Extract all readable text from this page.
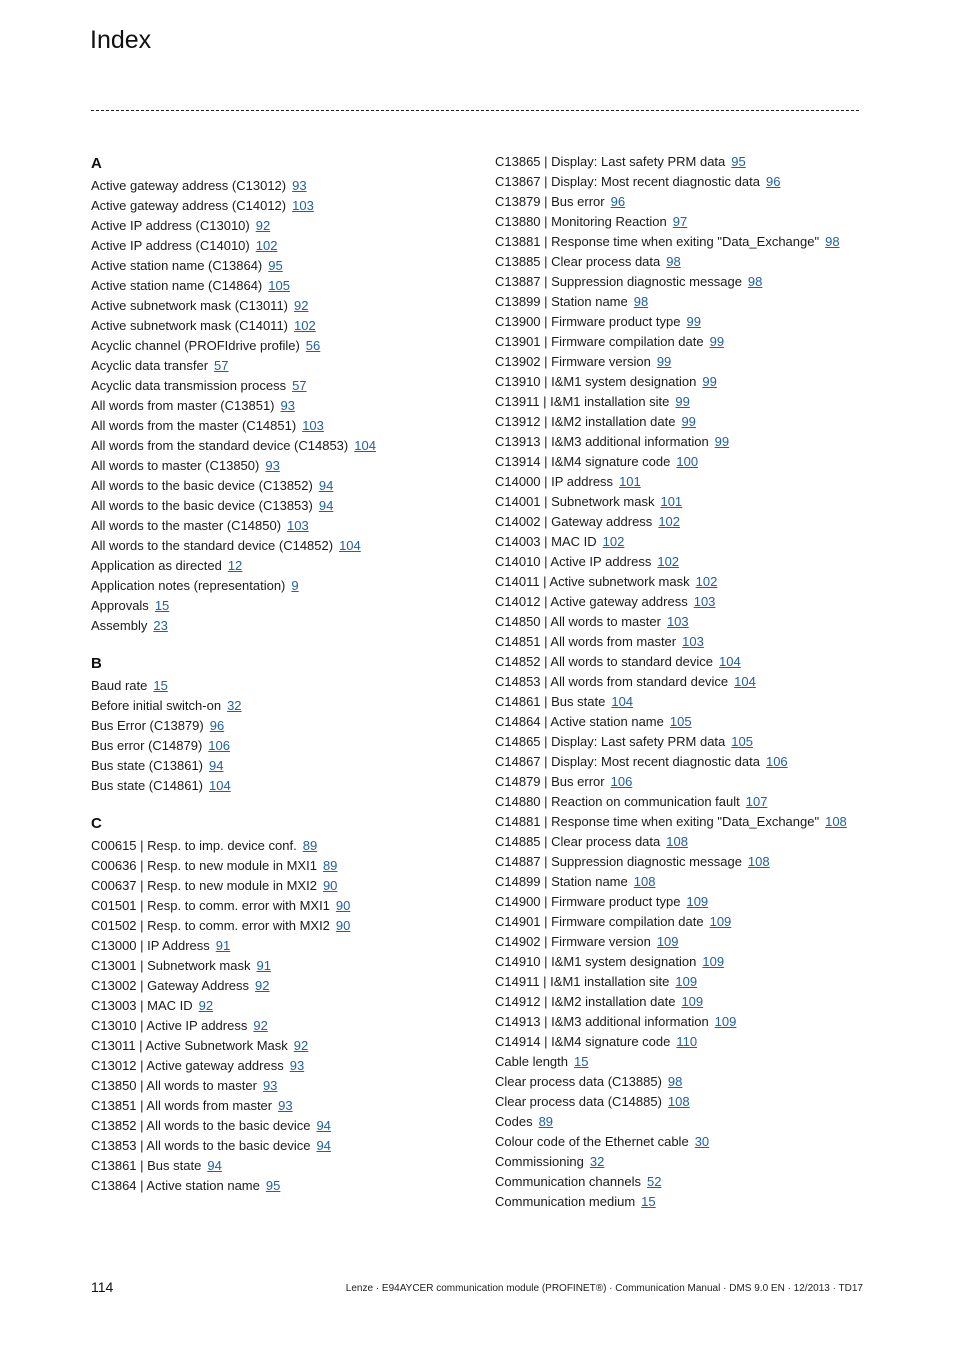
Index
A
Active gateway address (C13012) 93
Active gateway address (C14012) 103
Active IP address (C13010) 92
Active IP address (C14010) 102
Active station name (C13864) 95
Active station name (C14864) 105
Active subnetwork mask (C13011) 92
Active subnetwork mask (C14011) 102
Acyclic channel (PROFIdrive profile) 56
Acyclic data transfer 57
Acyclic data transmission process 57
All words from master (C13851) 93
All words from the master (C14851) 103
All words from the standard device (C14853) 104
All words to master (C13850) 93
All words to the basic device (C13852) 94
All words to the basic device (C13853) 94
All words to the master (C14850) 103
All words to the standard device (C14852) 104
Application as directed 12
Application notes (representation) 9
Approvals 15
Assembly 23
B
Baud rate 15
Before initial switch-on 32
Bus Error (C13879) 96
Bus error (C14879) 106
Bus state (C13861) 94
Bus state (C14861) 104
C
C00615 | Resp. to imp. device conf. 89
C00636 | Resp. to new module in MXI1 89
C00637 | Resp. to new module in MXI2 90
C01501 | Resp. to comm. error with MXI1 90
C01502 | Resp. to comm. error with MXI2 90
C13000 | IP Address 91
C13001 | Subnetwork mask 91
C13002 | Gateway Address 92
C13003 | MAC ID 92
C13010 | Active IP address 92
C13011 | Active Subnetwork Mask 92
C13012 | Active gateway address 93
C13850 | All words to master 93
C13851 | All words from master 93
C13852 | All words to the basic device 94
C13853 | All words to the basic device 94
C13861 | Bus state 94
C13864 | Active station name 95
C13865 | Display: Last safety PRM data 95
C13867 | Display: Most recent diagnostic data 96
C13879 | Bus error 96
C13880 | Monitoring Reaction 97
C13881 | Response time when exiting "Data_Exchange" 98
C13885 | Clear process data 98
C13887 | Suppression diagnostic message 98
C13899 | Station name 98
C13900 | Firmware product type 99
C13901 | Firmware compilation date 99
C13902 | Firmware version 99
C13910 | I&M1 system designation 99
C13911 | I&M1 installation site 99
C13912 | I&M2 installation date 99
C13913 | I&M3 additional information 99
C13914 | I&M4 signature code 100
C14000 | IP address 101
C14001 | Subnetwork mask 101
C14002 | Gateway address 102
C14003 | MAC ID 102
C14010 | Active IP address 102
C14011 | Active subnetwork mask 102
C14012 | Active gateway address 103
C14850 | All words to master 103
C14851 | All words from master 103
C14852 | All words to standard device 104
C14853 | All words from standard device 104
C14861 | Bus state 104
C14864 | Active station name 105
C14865 | Display: Last safety PRM data 105
C14867 | Display: Most recent diagnostic data 106
C14879 | Bus error 106
C14880 | Reaction on communication fault 107
C14881 | Response time when exiting "Data_Exchange" 108
C14885 | Clear process data 108
C14887 | Suppression diagnostic message 108
C14899 | Station name 108
C14900 | Firmware product type 109
C14901 | Firmware compilation date 109
C14902 | Firmware version 109
C14910 | I&M1 system designation 109
C14911 | I&M1 installation site 109
C14912 | I&M2 installation date 109
C14913 | I&M3 additional information 109
C14914 | I&M4 signature code 110
Cable length 15
Clear process data (C13885) 98
Clear process data (C14885) 108
Codes 89
Colour code of the Ethernet cable 30
Commissioning 32
Communication channels 52
Communication medium 15
114	Lenze · E94AYCER communication module (PROFINET®) · Communication Manual · DMS 9.0 EN · 12/2013 · TD17
